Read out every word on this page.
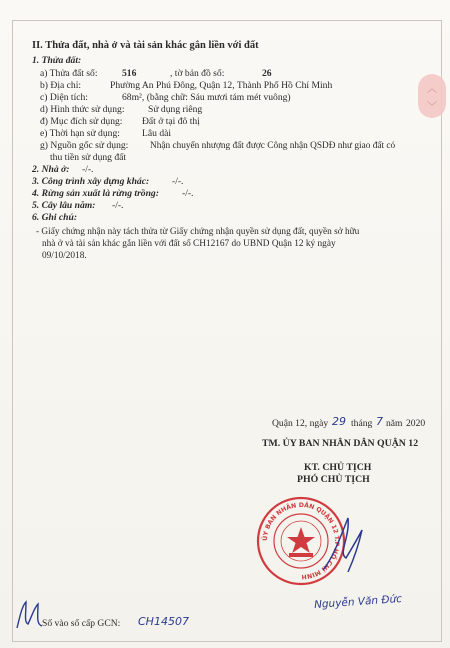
II. Thửa đất, nhà ở và tài sản khác gắn liền với đất
1. Thửa đất:
a) Thửa đất số:	516	, tờ bản đồ số:	26
b) Địa chỉ:	Phường An Phú Đông, Quận 12, Thành Phố Hồ Chí Minh
c) Diện tích:	68m², (bằng chữ: Sáu mươi tám mét vuông)
d) Hình thức sử dụng: Sử dụng riêng
đ) Mục đích sử dụng: Đất ở tại đô thị
e) Thời hạn sử dụng: Lâu dài
g) Nguồn gốc sử dụng: Nhận chuyển nhượng đất được Công nhận QSDĐ như giao đất có
thu tiền sử dụng đất
2. Nhà ở: -/-.
3. Công trình xây dựng khác: -/-.
4. Rừng sản xuất là rừng trồng: -/-.
5. Cây lâu năm: -/-.
6. Ghi chú:
- Giấy chứng nhận này tách thửa từ Giấy chứng nhận quyền sử dụng đất, quyền sở hữu
nhà ở và tài sản khác gắn liền với đất số CH12167 do UBND Quận 12 ký ngày
09/10/2018.
Quận 12, ngày 29 tháng 7 năm 2020
TM. ỦY BAN NHÂN DÂN QUẬN 12
KT. CHỦ TỊCH
PHÓ CHỦ TỊCH
ỦY BAN NHÂN DÂN QUẬN 12 T.P HỒ CHÍ MINH
Nguyễn Văn Đức
Số vào sổ cấp GCN: CH14507
︿
﹀
